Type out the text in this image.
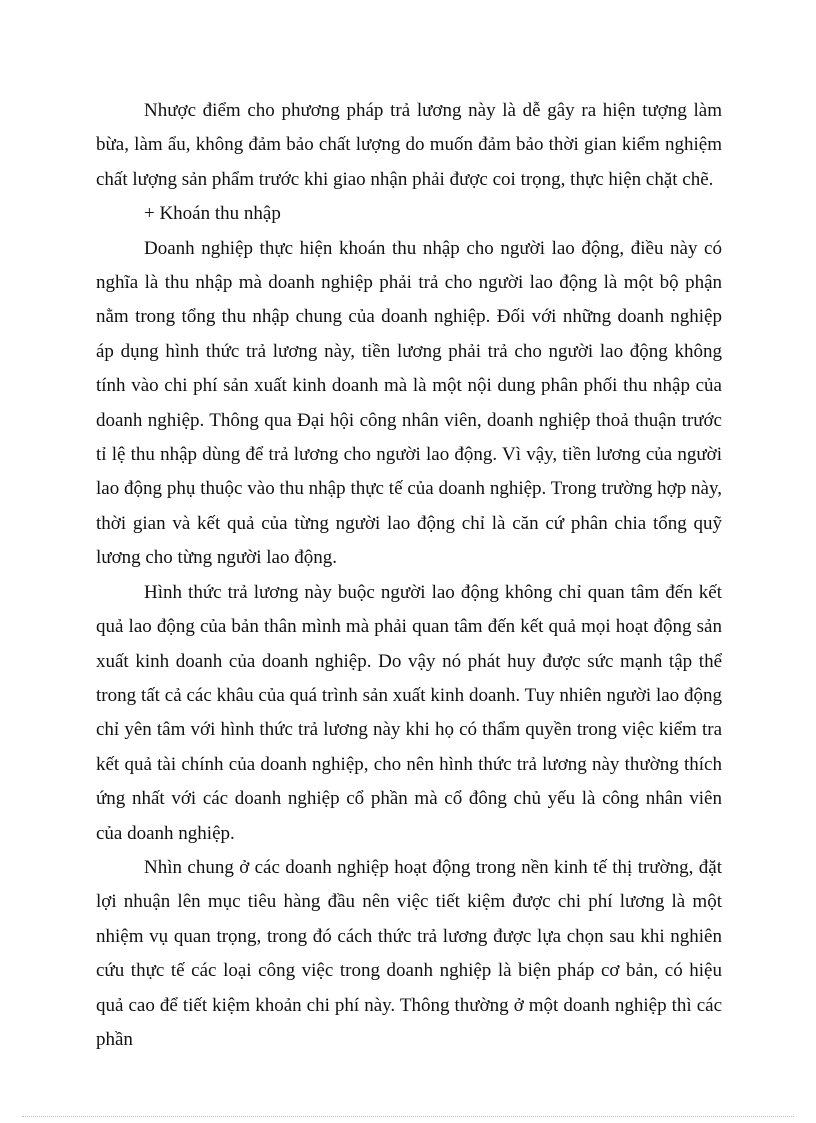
Nhược điểm cho phương pháp trả lương này là dễ gây ra hiện tượng làm bừa, làm ẩu, không đảm bảo chất lượng do muốn đảm bảo thời gian kiểm nghiệm chất lượng sản phẩm trước khi giao nhận phải được coi trọng, thực hiện chặt chẽ.

+ Khoán thu nhập

Doanh nghiệp thực hiện khoán thu nhập cho người lao động, điều này có nghĩa là thu nhập mà doanh nghiệp phải trả cho người lao động là một bộ phận nằm trong tổng thu nhập chung của doanh nghiệp. Đối với những doanh nghiệp áp dụng hình thức trả lương này, tiền lương phải trả cho người lao động không tính vào chi phí sản xuất kinh doanh mà là một nội dung phân phối thu nhập của doanh nghiệp. Thông qua Đại hội công nhân viên, doanh nghiệp thoả thuận trước tỉ lệ thu nhập dùng để trả lương cho người lao động. Vì vậy, tiền lương của người lao động phụ thuộc vào thu nhập thực tế của doanh nghiệp. Trong trường hợp này, thời gian và kết quả của từng người lao động chỉ là căn cứ phân chia tổng quỹ lương cho từng người lao động.

Hình thức trả lương này buộc người lao động không chỉ quan tâm đến kết quả lao động của bản thân mình mà phải quan tâm đến kết quả mọi hoạt động sản xuất kinh doanh của doanh nghiệp. Do vậy nó phát huy được sức mạnh tập thể trong tất cả các khâu của quá trình sản xuất kinh doanh. Tuy nhiên người lao động chỉ yên tâm với hình thức trả lương này khi họ có thẩm quyền trong việc kiểm tra kết quả tài chính của doanh nghiệp, cho nên hình thức trả lương này thường thích ứng nhất với các doanh nghiệp cổ phần mà cổ đông chủ yếu là công nhân viên của doanh nghiệp.

Nhìn chung ở các doanh nghiệp hoạt động trong nền kinh tế thị trường, đặt lợi nhuận lên mục tiêu hàng đầu nên việc tiết kiệm được chi phí lương là một nhiệm vụ quan trọng, trong đó cách thức trả lương được lựa chọn sau khi nghiên cứu thực tế các loại công việc trong doanh nghiệp là biện pháp cơ bản, có hiệu quả cao để tiết kiệm khoản chi phí này. Thông thường ở một doanh nghiệp thì các phần
